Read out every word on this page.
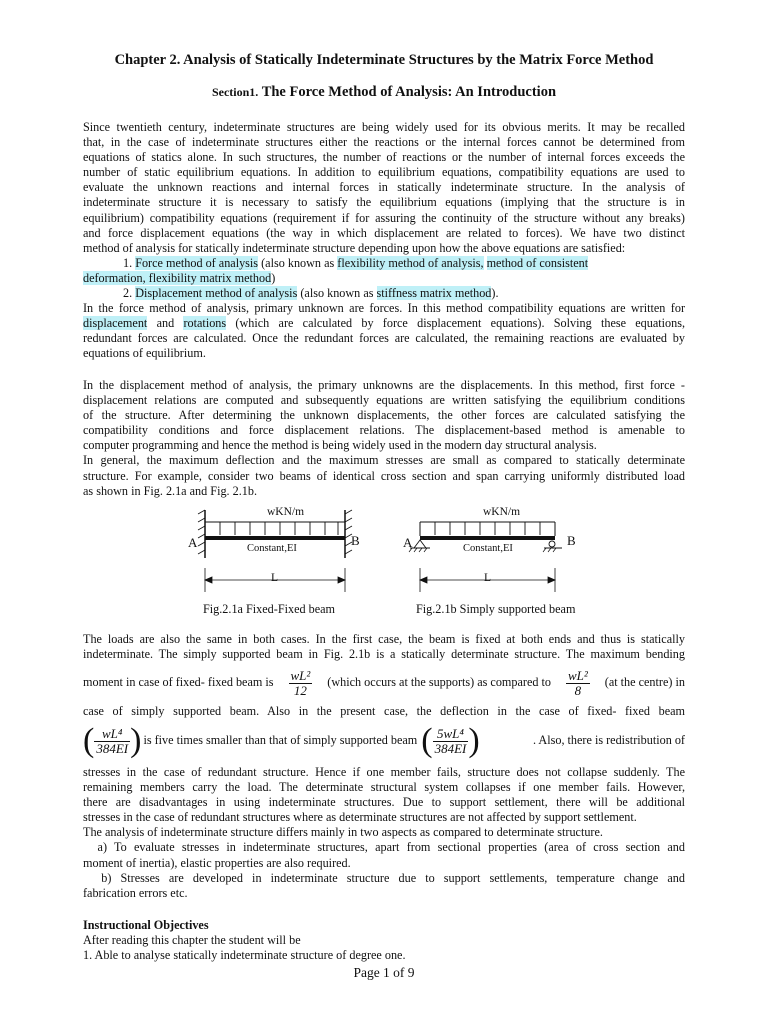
Chapter 2. Analysis of Statically Indeterminate Structures by the Matrix Force Method
Section1. The Force Method of Analysis: An Introduction
Since twentieth century, indeterminate structures are being widely used for its obvious merits. It may be recalled
that, in the case of indeterminate structures either the reactions or the internal forces cannot be determined from
equations of statics alone. In such structures, the number of reactions or the number of internal forces exceeds the
number of static equilibrium equations. In addition to equilibrium equations, compatibility equations are used to
evaluate the unknown reactions and internal forces in statically indeterminate structure. In the analysis of
indeterminate structure it is necessary to satisfy the equilibrium equations (implying that the structure is in
equilibrium) compatibility equations (requirement if for assuring the continuity of the structure without any breaks)
and force displacement equations (the way in which displacement are related to forces). We have two distinct
method of analysis for statically indeterminate structure depending upon how the above equations are satisfied:
1. Force method of analysis (also known as flexibility method of analysis, method of consistent
deformation, flexibility matrix method)
2. Displacement method of analysis (also known as stiffness matrix method).
In the force method of analysis, primary unknown are forces. In this method compatibility equations are written for
displacement and rotations (which are calculated by force displacement equations). Solving these equations,
redundant forces are calculated. Once the redundant forces are calculated, the remaining reactions are evaluated by
equations of equilibrium.
In the displacement method of analysis, the primary unknowns are the displacements. In this method, first force -
displacement relations are computed and subsequently equations are written satisfying the equilibrium conditions
of the structure. After determining the unknown displacements, the other forces are calculated satisfying the
compatibility conditions and force displacement relations. The displacement-based method is amenable to
computer programming and hence the method is being widely used in the modern day structural analysis.
In general, the maximum deflection and the maximum stresses are small as compared to statically determinate
structure. For example, consider two beams of identical cross section and span carrying uniformly distributed load
as shown in Fig. 2.1a and Fig. 2.1b.
wKN/m	wKN/m
A	B	A	B
Constant,EI	Constant,EI
L	L
Fig.2.1a Fixed-Fixed beam	Fig.2.1b Simply supported beam
The loads are also the same in both cases. In the first case, the beam is fixed at both ends and thus is statically
indeterminate. The simply supported beam in Fig. 2.1b is a statically determinate structure. The maximum bending
moment in case of fixed- fixed beam is $\frac{\text{wL²}}{12}$ (which occurs at the supports) as compared to $\frac{\text{wL²}}{8} (at$ the centre) in
case of simply supported beam. Also in the present case, the deflection in the case of fixed- fixed beam
( $\frac{\text{wL⁴}}{384EI}$ ) is five times smaller than that of simply supported beam ( $\frac{\text{5wL⁴}}{384EI}$ )	. Also, there is redistribution of
stresses in the case of redundant structure. Hence if one member fails, structure does not collapse suddenly. The
remaining members carry the load. The determinate structural system collapses if one member fails. However,
there are disadvantages in using indeterminate structures. Due to support settlement, there will be additional
stresses in the case of redundant structures where as determinate structures are not affected by support settlement.
The analysis of indeterminate structure differs mainly in two aspects as compared to determinate structure.
a) To evaluate stresses in indeterminate structures, apart from sectional properties (area of cross section and
moment of inertia), elastic properties are also required.
b) Stresses are developed in indeterminate structure due to support settlements, temperature change and
fabrication errors etc.
Instructional Objectives
After reading this chapter the student will be
1. Able to analyse statically indeterminate structure of degree one.
Page 1 of 9
